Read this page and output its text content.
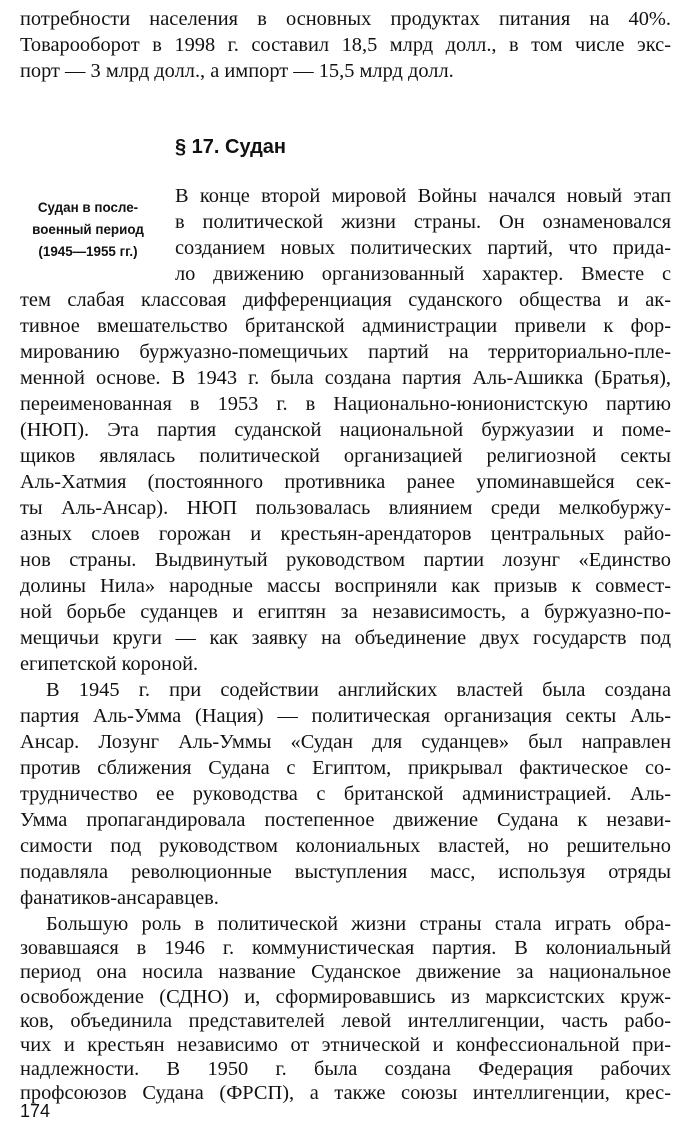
потребности населения в основных продуктах питания на 40%.
Товарооборот в 1998 г. составил 18,5 млрд долл., в том числе экс-
порт — 3 млрд долл., а импорт — 15,5 млрд долл.
§ 17. Судан
Судан в после-
военный период
(1945—1955 гг.)
В конце второй мировой Войны начался новый этап
в политической жизни страны. Он ознаменовался
созданием новых политических партий, что прида-
ло движению организованный характер. Вместе с
тем слабая классовая дифференциация суданского общества и ак-
тивное вмешательство британской администрации привели к фор-
мированию буржуазно-помещичьих партий на территориально-пле-
менной основе. В 1943 г. была создана партия Аль-Ашикка (Братья),
переименованная в 1953 г. в Национально-юнионистскую партию
(НЮП). Эта партия суданской национальной буржуазии и поме-
щиков являлась политической организацией религиозной секты
Аль-Хатмия (постоянного противника ранее упоминавшейся сек-
ты Аль-Ансар). НЮП пользовалась влиянием среди мелкобуржу-
азных слоев горожан и крестьян-арендаторов центральных райо-
нов страны. Выдвинутый руководством партии лозунг «Единство
долины Нила» народные массы восприняли как призыв к совмест-
ной борьбе суданцев и египтян за независимость, а буржуазно-по-
мещичьи круги — как заявку на объединение двух государств под
египетской короной.
В 1945 г. при содействии английских властей была создана
партия Аль-Умма (Нация) — политическая организация секты Аль-
Ансар. Лозунг Аль-Уммы «Судан для суданцев» был направлен
против сближения Судана с Египтом, прикрывал фактическое со-
трудничество ее руководства с британской администрацией. Аль-
Умма пропагандировала постепенное движение Судана к незави-
симости под руководством колониальных властей, но решительно
подавляла революционные выступления масс, используя отряды
фанатиков-ансаравцев.
Большую роль в политической жизни страны стала играть обра-
зовавшаяся в 1946 г. коммунистическая партия. В колониальный
период она носила название Суданское движение за национальное
освобождение (СДНО) и, сформировавшись из марксистских круж-
ков, объединила представителей левой интеллигенции, часть рабо-
чих и крестьян независимо от этнической и конфессиональной при-
надлежности. В 1950 г. была создана Федерация рабочих
174
профсоюзов Судана (ФРСП), а также союзы интеллигенции, крес-
